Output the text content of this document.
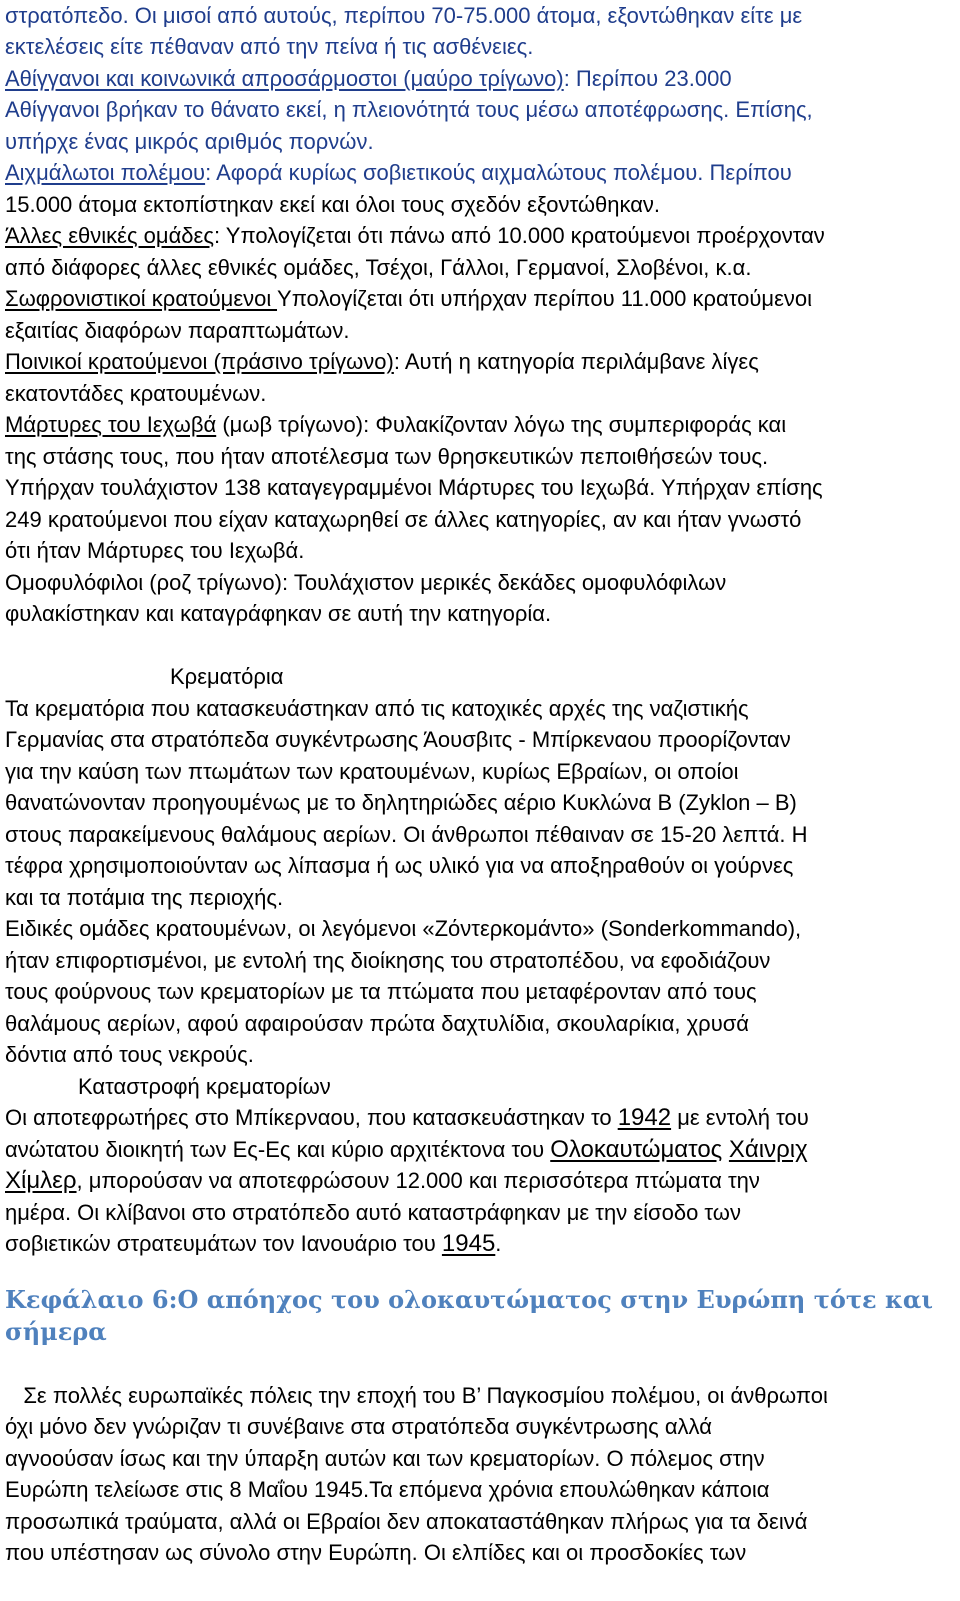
στρατόπεδο. Οι μισοί από αυτούς, περίπου 70-75.000 άτομα, εξοντώθηκαν είτε με
εκτελέσεις είτε πέθαναν από την πείνα ή τις ασθένειες.
Αθίγγανοι και κοινωνικά απροσάρμοστοι (μαύρο τρίγωνο): Περίπου 23.000
Αθίγγανοι βρήκαν το θάνατο εκεί, η πλειονότητά τους μέσω αποτέφρωσης. Επίσης,
υπήρχε ένας μικρός αριθμός πορνών.
Αιχμάλωτοι πολέμου: Αφορά κυρίως σοβιετικούς αιχμαλώτους πολέμου. Περίπου
15.000 άτομα εκτοπίστηκαν εκεί και όλοι τους σχεδόν εξοντώθηκαν.
Άλλες εθνικές ομάδες: Υπολογίζεται ότι πάνω από 10.000 κρατούμενοι προέρχονταν
από διάφορες άλλες εθνικές ομάδες, Τσέχοι, Γάλλοι, Γερμανοί, Σλοβένοι, κ.α.
Σωφρονιστικοί κρατούμενοι Υπολογίζεται ότι υπήρχαν περίπου 11.000 κρατούμενοι
εξαιτίας διαφόρων παραπτωμάτων.
Ποινικοί κρατούμενοι (πράσινο τρίγωνο): Αυτή η κατηγορία περιλάμβανε λίγες
εκατοντάδες κρατουμένων.
Μάρτυρες του Ιεχωβά (μωβ τρίγωνο): Φυλακίζονταν λόγω της συμπεριφοράς και
της στάσης τους, που ήταν αποτέλεσμα των θρησκευτικών πεποιθήσεών τους.
Υπήρχαν τουλάχιστον 138 καταγεγραμμένοι Μάρτυρες του Ιεχωβά. Υπήρχαν επίσης
249 κρατούμενοι που είχαν καταχωρηθεί σε άλλες κατηγορίες, αν και ήταν γνωστό
ότι ήταν Μάρτυρες του Ιεχωβά.
Ομοφυλόφιλοι (ροζ τρίγωνο): Τουλάχιστον μερικές δεκάδες ομοφυλόφιλων
φυλακίστηκαν και καταγράφηκαν σε αυτή την κατηγορία.
Κρεματόρια
Τα κρεματόρια που κατασκευάστηκαν από τις κατοχικές αρχές της ναζιστικής
Γερμανίας στα στρατόπεδα συγκέντρωσης Άουσβιτς - Μπίρκεναου προορίζονταν
για την καύση των πτωμάτων των κρατουμένων, κυρίως Εβραίων, οι οποίοι
θανατώνονταν προηγουμένως με το δηλητηριώδες αέριο Κυκλώνα Β (Zyklon – B)
στους παρακείμενους θαλάμους αερίων. Οι άνθρωποι πέθαιναν σε 15-20 λεπτά. Η
τέφρα χρησιμοποιούνταν ως λίπασμα ή ως υλικό για να αποξηραθούν οι γούρνες
και τα ποτάμια της περιοχής.
Ειδικές ομάδες κρατουμένων, οι λεγόμενοι «Ζόντερκομάντο» (Sonderkommando),
ήταν επιφορτισμένοι, με εντολή της διοίκησης του στρατοπέδου, να εφοδιάζουν
τους φούρνους των κρεματορίων με τα πτώματα που μεταφέρονταν από τους
θαλάμους αερίων, αφού αφαιρούσαν πρώτα δαχτυλίδια, σκουλαρίκια, χρυσά
δόντια από τους νεκρούς.
Καταστροφή κρεματορίων
Οι αποτεφρωτήρες στο Μπίκερναου, που κατασκευάστηκαν το 1942 με εντολή του
ανώτατου διοικητή των Ες-Ες και κύριο αρχιτέκτονα του Ολοκαυτώματος Χάινριχ
Χίμλερ, μπορούσαν να αποτεφρώσουν 12.000 και περισσότερα πτώματα την
ημέρα. Οι κλίβανοι στο στρατόπεδο αυτό καταστράφηκαν με την είσοδο των
σοβιετικών στρατευμάτων τον Ιανουάριο του 1945.
Κεφάλαιο 6:Ο απόηχος του ολοκαυτώματος στην Ευρώπη τότε και
σήμερα
Σε πολλές ευρωπαϊκές πόλεις την εποχή του Β’ Παγκοσμίου πολέμου, οι άνθρωποι
όχι μόνο δεν γνώριζαν τι συνέβαινε στα στρατόπεδα συγκέντρωσης αλλά
αγνοούσαν ίσως και την ύπαρξη αυτών και των κρεματορίων. Ο πόλεμος στην
Ευρώπη τελείωσε στις 8 Μαΐου 1945.Τα επόμενα χρόνια επουλώθηκαν κάποια
προσωπικά τραύματα, αλλά οι Εβραίοι δεν αποκαταστάθηκαν πλήρως για τα δεινά
που υπέστησαν ως σύνολο στην Ευρώπη. Οι ελπίδες και οι προσδοκίες των
